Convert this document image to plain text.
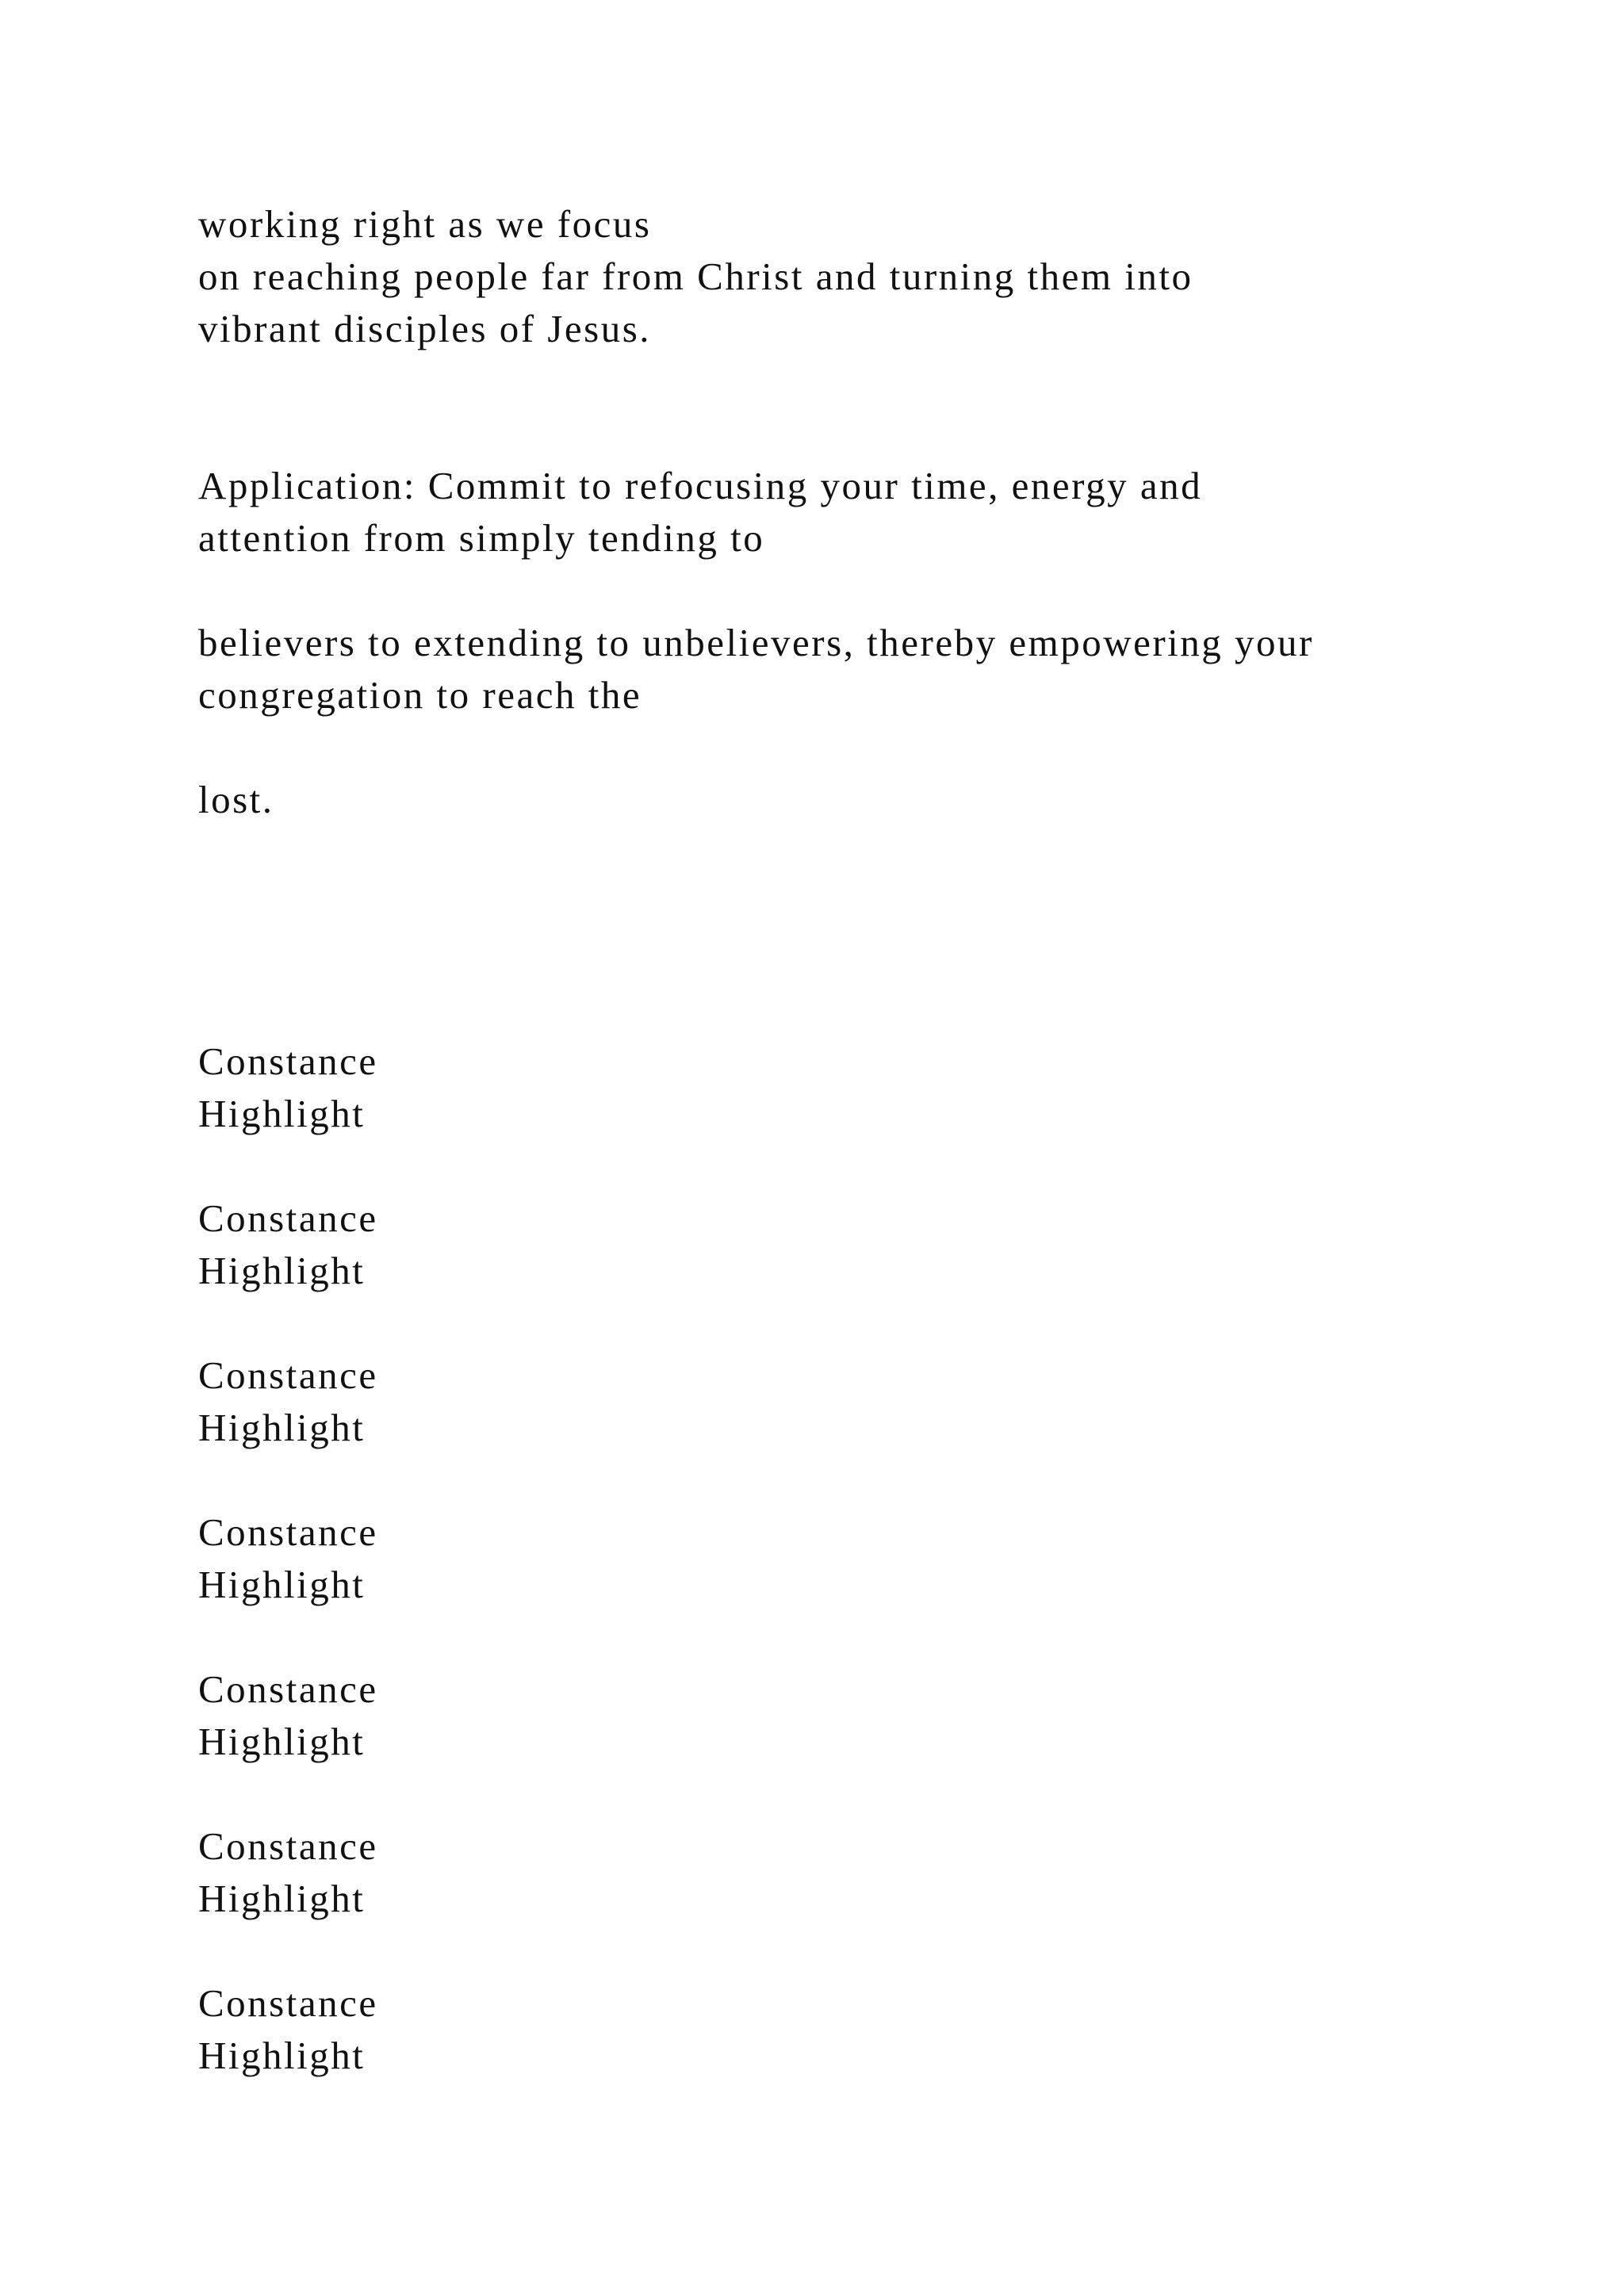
working right as we focus
on reaching people far from Christ and turning them into
vibrant disciples of Jesus.
Application: Commit to refocusing your time, energy and
attention from simply tending to
believers to extending to unbelievers, thereby empowering your
congregation to reach the
lost.
Constance
Highlight
Constance
Highlight
Constance
Highlight
Constance
Highlight
Constance
Highlight
Constance
Highlight
Constance
Highlight
